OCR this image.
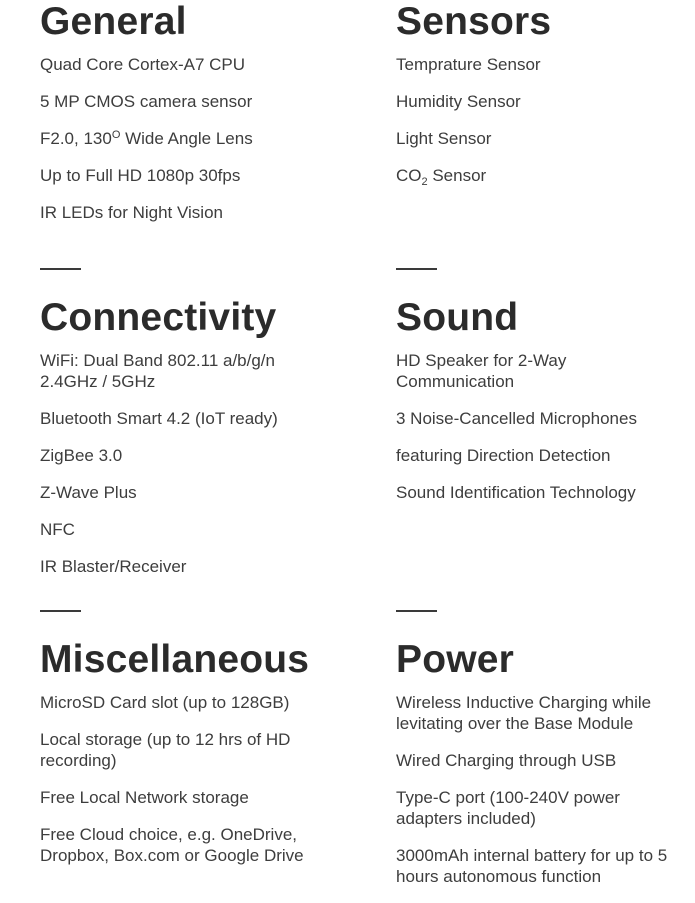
General
Quad Core Cortex-A7 CPU
5 MP CMOS camera sensor
F2.0, $130^O$ Wide Angle Lens
Up to Full HD 1080p 30fps
IR LEDs for Night Vision
Connectivity
WiFi: Dual Band 802.11 a/b/g/n 2.4GHz / 5GHz
Bluetooth Smart 4.2 (IoT ready)
ZigBee 3.0
Z-Wave Plus
NFC
IR Blaster/Receiver
Miscellaneous
MicroSD Card slot (up to 128GB)
Local storage (up to 12 hrs of HD recording)
Free Local Network storage
Free Cloud choice, e.g. OneDrive, Dropbox, Box.com or Google Drive
Sensors
Temprature Sensor
Humidity Sensor
Light Sensor
$CO_2$ Sensor
Sound
HD Speaker for 2-Way Communication
3 Noise-Cancelled Microphones
featuring Direction Detection
Sound Identification Technology
Power
Wireless Inductive Charging while levitating over the Base Module
Wired Charging through USB
Type-C port (100-240V power adapters included)
3000mAh internal battery for up to 5 hours autonomous function
